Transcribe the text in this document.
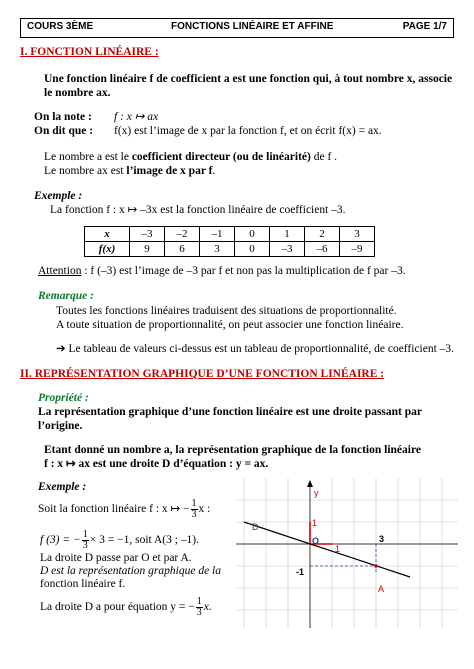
COURS 3ÈME	FONCTIONS LINÉAIRE ET AFFINE	PAGE 1/7
I. FONCTION LINÉAIRE :
Une fonction linéaire f de coefficient a est une fonction qui, à tout nombre x, associe
le nombre ax.
On la note : f : x ↦ ax
On dit que : f(x) est l’image de x par la fonction f, et on écrit f(x) = ax.
Le nombre a est le coefficient directeur (ou de linéarité) de f .
Le nombre ax est l’image de x par f.
Exemple :
La fonction f : x ↦ –3x est la fonction linéaire de coefficient –3.
x	–3	–2	–1	0	1	2	3
f(x)	9	6	3	0	–3	–6	–9
Attention : f (–3) est l’image de –3 par f et non pas la multiplication de f par –3.
Remarque :
Toutes les fonctions linéaires traduisent des situations de proportionnalité.
A toute situation de proportionnalité, on peut associer une fonction linéaire.
➔ Le tableau de valeurs ci-dessus est un tableau de proportionnalité, de coefficient –3.
II. REPRÉSENTATION GRAPHIQUE D’UNE FONCTION LINÉAIRE :
Propriété :
La représentation graphique d’une fonction linéaire est une droite passant par
l’origine.
Etant donné un nombre a, la représentation graphique de la fonction linéaire
f : x ↦ ax est une droite D d’équation : y = ax.
Exemple :
Soit la fonction linéaire f : x ↦ − $\frac{1}{3}$ x :
f (3) = − $\frac{1}{3} \times 3 = -1$, soit A(3 ; –1).
La droite D passe par O et par A.
D est la représentation graphique de la
fonction linéaire f.
La droite D a pour équation y = − $\frac{1}{3} x$.
D
y
O
1
1
3
-1
A
